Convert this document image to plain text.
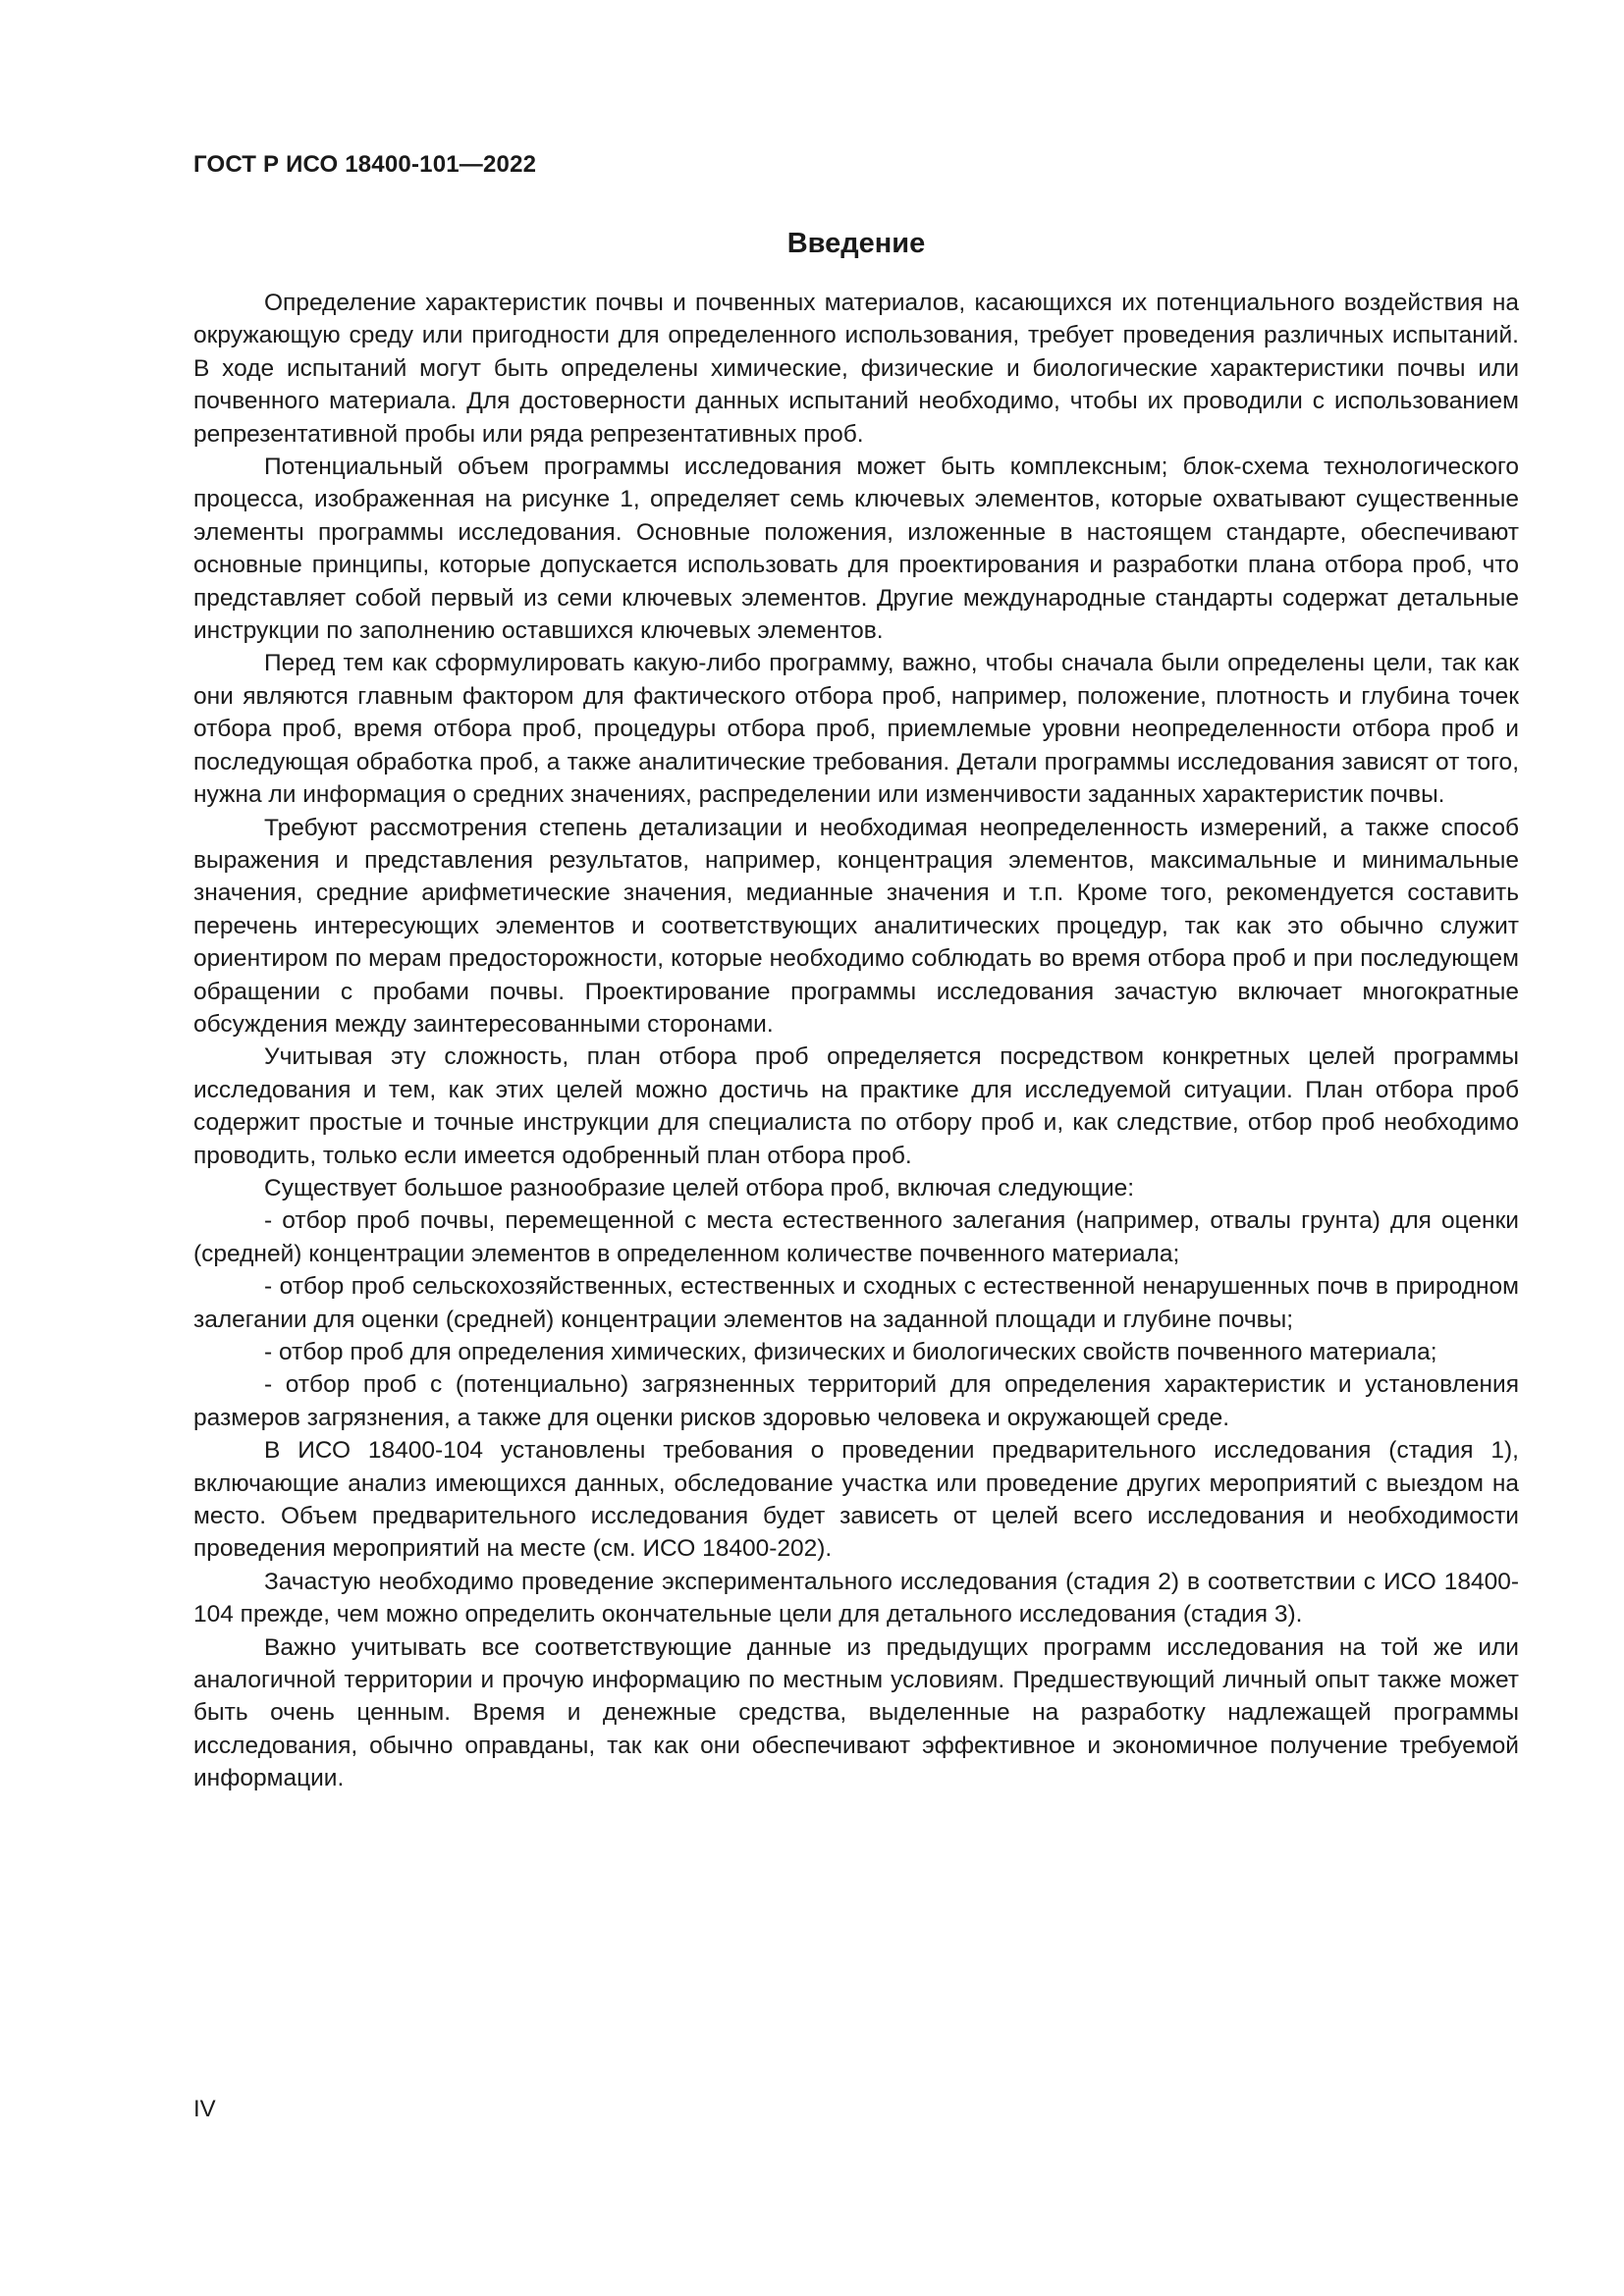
ГОСТ Р ИСО 18400-101—2022
Введение

Определение характеристик почвы и почвенных материалов, касающихся их потенциального воздействия на окружающую среду или пригодности для определенного использования, требует проведения различных испытаний. В ходе испытаний могут быть определены химические, физические и биологические характеристики почвы или почвенного материала. Для достоверности данных испытаний необходимо, чтобы их проводили с использованием репрезентативной пробы или ряда репрезентативных проб.

Потенциальный объем программы исследования может быть комплексным; блок-схема технологического процесса, изображенная на рисунке 1, определяет семь ключевых элементов, которые охватывают существенные элементы программы исследования. Основные положения, изложенные в настоящем стандарте, обеспечивают основные принципы, которые допускается использовать для проектирования и разработки плана отбора проб, что представляет собой первый из семи ключевых элементов. Другие международные стандарты содержат детальные инструкции по заполнению оставшихся ключевых элементов.

Перед тем как сформулировать какую-либо программу, важно, чтобы сначала были определены цели, так как они являются главным фактором для фактического отбора проб, например, положение, плотность и глубина точек отбора проб, время отбора проб, процедуры отбора проб, приемлемые уровни неопределенности отбора проб и последующая обработка проб, а также аналитические требования. Детали программы исследования зависят от того, нужна ли информация о средних значениях, распределении или изменчивости заданных характеристик почвы.

Требуют рассмотрения степень детализации и необходимая неопределенность измерений, а также способ выражения и представления результатов, например, концентрация элементов, максимальные и минимальные значения, средние арифметические значения, медианные значения и т.п. Кроме того, рекомендуется составить перечень интересующих элементов и соответствующих аналитических процедур, так как это обычно служит ориентиром по мерам предосторожности, которые необходимо соблюдать во время отбора проб и при последующем обращении с пробами почвы. Проектирование программы исследования зачастую включает многократные обсуждения между заинтересованными сторонами.

Учитывая эту сложность, план отбора проб определяется посредством конкретных целей программы исследования и тем, как этих целей можно достичь на практике для исследуемой ситуации. План отбора проб содержит простые и точные инструкции для специалиста по отбору проб и, как следствие, отбор проб необходимо проводить, только если имеется одобренный план отбора проб.

Существует большое разнообразие целей отбора проб, включая следующие:

- отбор проб почвы, перемещенной с места естественного залегания (например, отвалы грунта) для оценки (средней) концентрации элементов в определенном количестве почвенного материала;

- отбор проб сельскохозяйственных, естественных и сходных с естественной ненарушенных почв в природном залегании для оценки (средней) концентрации элементов на заданной площади и глубине почвы;

- отбор проб для определения химических, физических и биологических свойств почвенного материала;

- отбор проб с (потенциально) загрязненных территорий для определения характеристик и установления размеров загрязнения, а также для оценки рисков здоровью человека и окружающей среде.

В ИСО 18400-104 установлены требования о проведении предварительного исследования (стадия 1), включающие анализ имеющихся данных, обследование участка или проведение других мероприятий с выездом на место. Объем предварительного исследования будет зависеть от целей всего исследования и необходимости проведения мероприятий на месте (см. ИСО 18400-202).

Зачастую необходимо проведение экспериментального исследования (стадия 2) в соответствии с ИСО 18400-104 прежде, чем можно определить окончательные цели для детального исследования (стадия 3).

Важно учитывать все соответствующие данные из предыдущих программ исследования на той же или аналогичной территории и прочую информацию по местным условиям. Предшествующий личный опыт также может быть очень ценным. Время и денежные средства, выделенные на разработку надлежащей программы исследования, обычно оправданы, так как они обеспечивают эффективное и экономичное получение требуемой информации.

IV
